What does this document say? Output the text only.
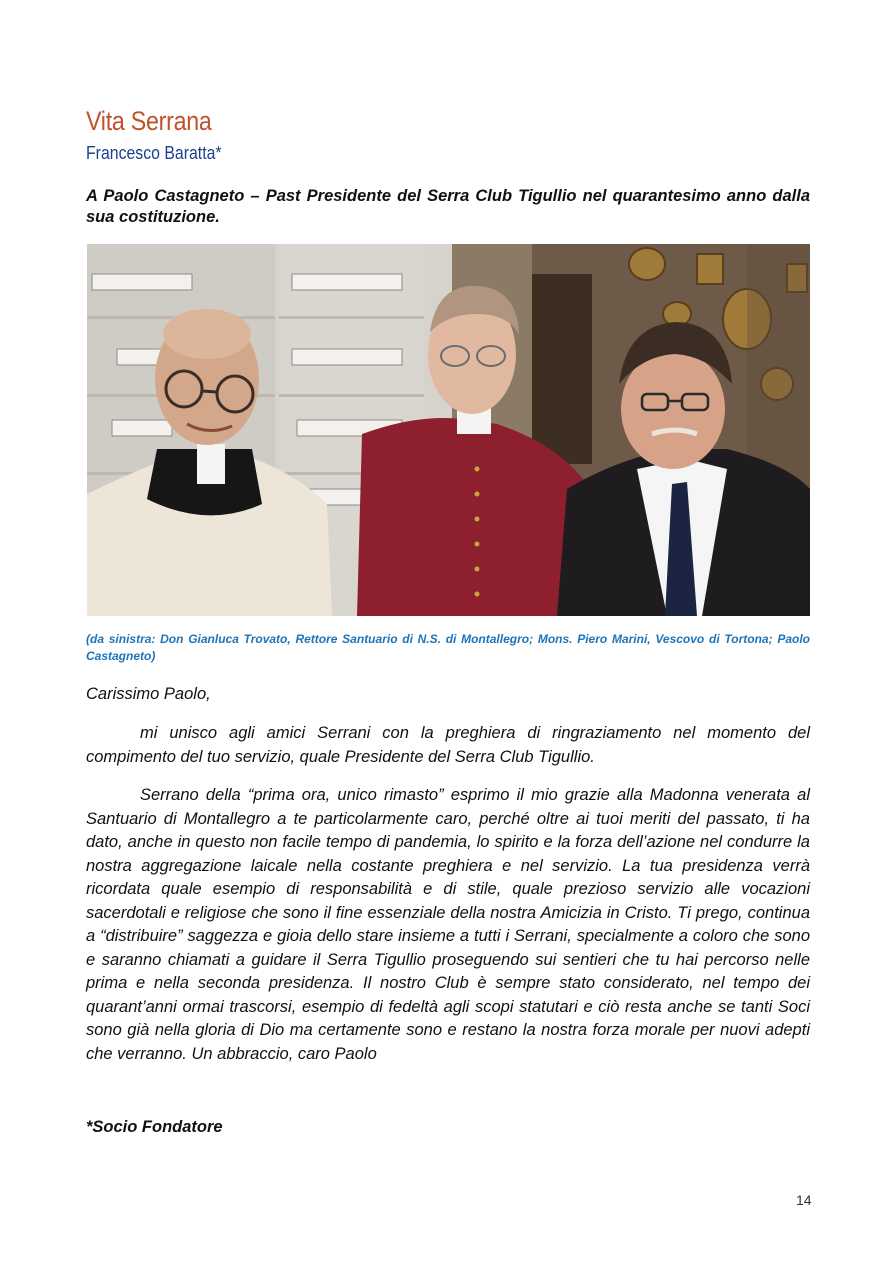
Vita Serrana
Francesco Baratta*
A Paolo Castagneto – Past Presidente del Serra Club Tigullio nel quarantesimo anno dalla sua costituzione.
(da sinistra: Don Gianluca Trovato, Rettore Santuario di N.S. di Montallegro; Mons. Piero Marini, Vescovo di Tortona; Paolo Castagneto)
Carissimo Paolo,

mi unisco agli amici Serrani con la preghiera di ringraziamento nel momento del compimento del tuo servizio, quale Presidente del Serra Club Tigullio.

Serrano della “prima ora, unico rimasto” esprimo il mio grazie alla Madonna venerata al Santuario di Montallegro a te particolarmente caro, perché oltre ai tuoi meriti del passato, ti ha dato, anche in questo non facile tempo di pandemia, lo spirito e la forza dell’azione nel condurre la nostra aggregazione laicale nella costante preghiera e nel servizio. La tua presidenza verrà ricordata quale esempio di responsabilità e di stile, quale prezioso servizio alle vocazioni sacerdotali e religiose che sono il fine essenziale della nostra Amicizia in Cristo. Ti prego, continua a “distribuire” saggezza e gioia dello stare insieme a tutti i Serrani, specialmente a coloro che sono e saranno chiamati a guidare il Serra Tigullio proseguendo sui sentieri che tu hai percorso nelle prima e nella seconda presidenza. Il nostro Club è sempre stato considerato, nel tempo dei quarant’anni ormai trascorsi, esempio di fedeltà agli scopi statutari e ciò resta anche se tanti Soci sono già nella gloria di Dio ma certamente sono e restano la nostra forza morale per nuovi adepti che verranno. Un abbraccio, caro Paolo

*Socio Fondatore
14
